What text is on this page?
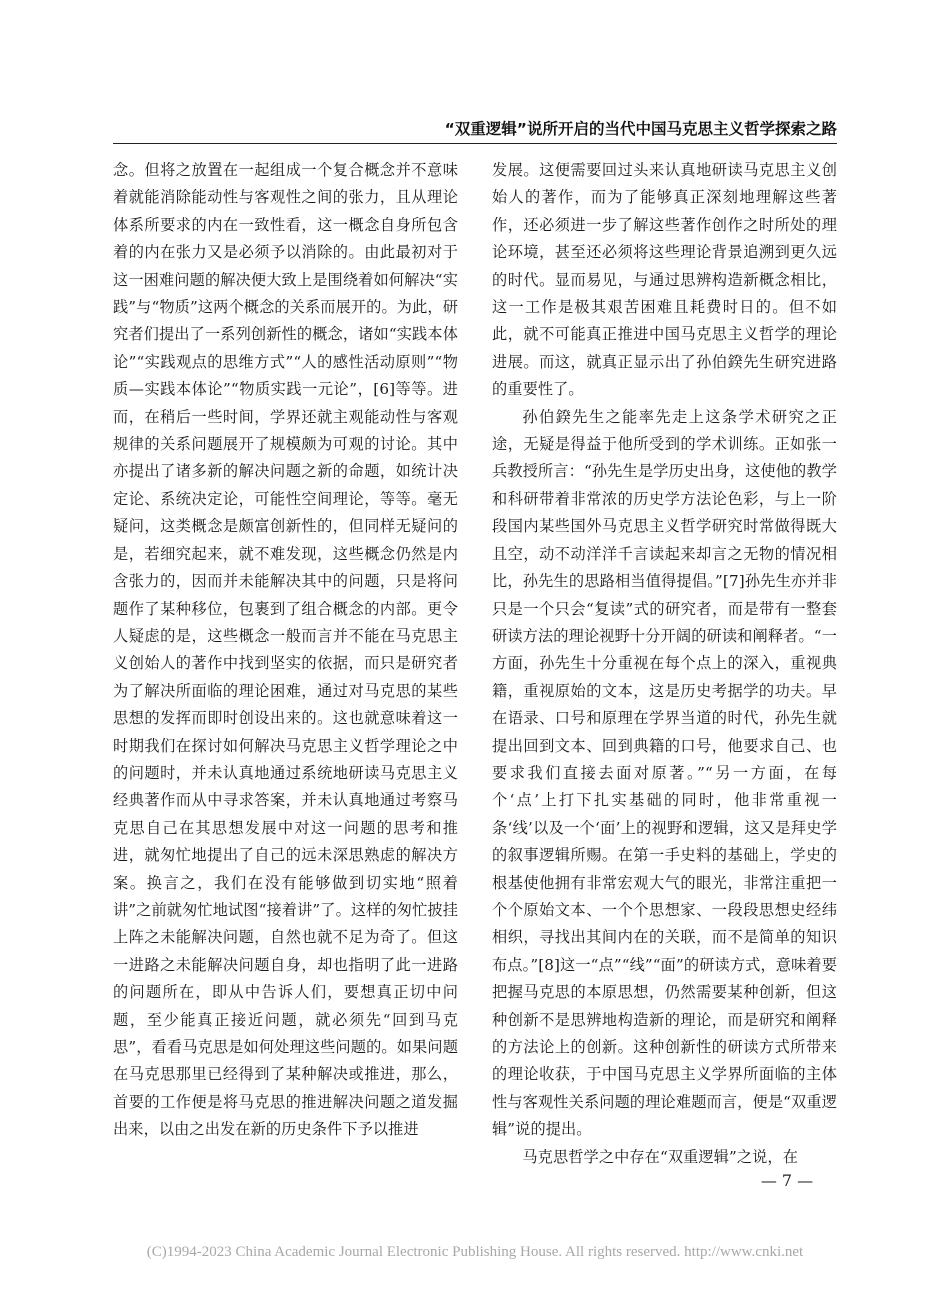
“双重逻辑”说所开启的当代中国马克思主义哲学探索之路

念。但将之放置在一起组成一个复合概念并不意味着就能消除能动性与客观性之间的张力，且从理论体系所要求的内在一致性看，这一概念自身所包含着的内在张力又是必须予以消除的。由此最初对于这一困难问题的解决便大致上是围绕着如何解决“实践”与“物质”这两个概念的关系而展开的。为此，研究者们提出了一系列创新性的概念，诸如“实践本体论”“实践观点的思维方式”“人的感性活动原则”“物质—实践本体论”“物质实践一元论”，[6]等等。进而，在稍后一些时间，学界还就主观能动性与客观规律的关系问题展开了规模颇为可观的讨论。其中亦提出了诸多新的解决问题之新的命题，如统计决定论、系统决定论，可能性空间理论，等等。毫无疑问，这类概念是颇富创新性的，但同样无疑问的是，若细究起来，就不难发现，这些概念仍然是内含张力的，因而并未能解决其中的问题，只是将问题作了某种移位，包裹到了组合概念的内部。更令人疑虑的是，这些概念一般而言并不能在马克思主义创始人的著作中找到坚实的依据，而只是研究者为了解决所面临的理论困难，通过对马克思的某些思想的发挥而即时创设出来的。这也就意味着这一时期我们在探讨如何解决马克思主义哲学理论之中的问题时，并未认真地通过系统地研读马克思主义经典著作而从中寻求答案，并未认真地通过考察马克思自己在其思想发展中对这一问题的思考和推进，就匆忙地提出了自己的远未深思熟虑的解决方案。换言之，我们在没有能够做到切实地“照着讲”之前就匆忙地试图“接着讲”了。这样的匆忙披挂上阵之未能解决问题，自然也就不足为奇了。但这一进路之未能解决问题自身，却也指明了此一进路的问题所在，即从中告诉人们，要想真正切中问题，至少能真正接近问题，就必须先“回到马克思”，看看马克思是如何处理这些问题的。如果问题在马克思那里已经得到了某种解决或推进，那么，首要的工作便是将马克思的推进解决问题之道发掘出来，以由之出发在新的历史条件下予以推进

发展。这便需要回过头来认真地研读马克思主义创始人的著作，而为了能够真正深刻地理解这些著作，还必须进一步了解这些著作创作之时所处的理论环境，甚至还必须将这些理论背景追溯到更久远的时代。显而易见，与通过思辨构造新概念相比，这一工作是极其艰苦困难且耗费时日的。但不如此，就不可能真正推进中国马克思主义哲学的理论进展。而这，就真正显示出了孙伯鍨先生研究进路的重要性了。

孙伯鍨先生之能率先走上这条学术研究之正途，无疑是得益于他所受到的学术训练。正如张一兵教授所言：“孙先生是学历史出身，这使他的教学和科研带着非常浓的历史学方法论色彩，与上一阶段国内某些国外马克思主义哲学研究时常做得既大且空，动不动洋洋千言读起来却言之无物的情况相比，孙先生的思路相当值得提倡。”[7]孙先生亦并非只是一个只会“复读”式的研究者，而是带有一整套研读方法的理论视野十分开阔的研读和阐释者。“一方面，孙先生十分重视在每个点上的深入，重视典籍，重视原始的文本，这是历史考据学的功夫。早在语录、口号和原理在学界当道的时代，孙先生就提出回到文本、回到典籍的口号，他要求自己、也要求我们直接去面对原著。”“另一方面，在每个‘点’上打下扎实基础的同时，他非常重视一条‘线’以及一个‘面’上的视野和逻辑，这又是拜史学的叙事逻辑所赐。在第一手史料的基础上，学史的根基使他拥有非常宏观大气的眼光，非常注重把一个个原始文本、一个个思想家、一段段思想史经纬相织，寻找出其间内在的关联，而不是简单的知识布点。”[8]这一“点”“线”“面”的研读方式，意味着要把握马克思的本原思想，仍然需要某种创新，但这种创新不是思辨地构造新的理论，而是研究和阐释的方法论上的创新。这种创新性的研读方式所带来的理论收获，于中国马克思主义学界所面临的主体性与客观性关系问题的理论难题而言，便是“双重逻辑”说的提出。

马克思哲学之中存在“双重逻辑”之说，在

— 7 —
(C)1994-2023 China Academic Journal Electronic Publishing House. All rights reserved. http://www.cnki.net
